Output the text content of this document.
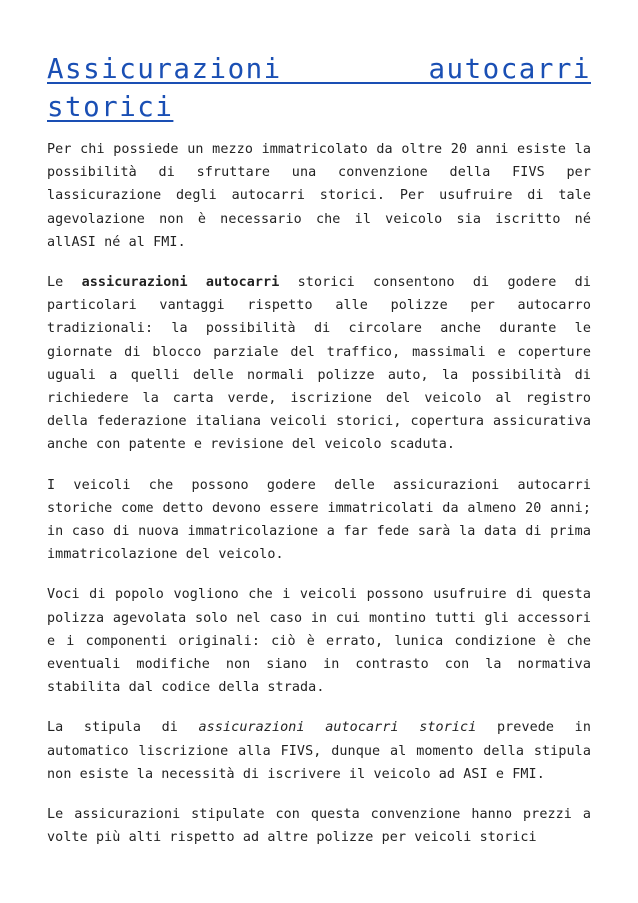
Assicurazioni autocarri
storici

Per chi possiede un mezzo immatricolato da oltre 20 anni esiste la possibilità di sfruttare una convenzione della FIVS per lassicurazione degli autocarri storici. Per usufruire di tale agevolazione non è necessario che il veicolo sia iscritto né allASI né al FMI.

Le assicurazioni autocarri storici consentono di godere di particolari vantaggi rispetto alle polizze per autocarro tradizionali: la possibilità di circolare anche durante le giornate di blocco parziale del traffico, massimali e coperture uguali a quelli delle normali polizze auto, la possibilità di richiedere la carta verde, iscrizione del veicolo al registro della federazione italiana veicoli storici, copertura assicurativa anche con patente e revisione del veicolo scaduta.

I veicoli che possono godere delle assicurazioni autocarri storiche come detto devono essere immatricolati da almeno 20 anni; in caso di nuova immatricolazione a far fede sarà la data di prima immatricolazione del veicolo.

Voci di popolo vogliono che i veicoli possono usufruire di questa polizza agevolata solo nel caso in cui montino tutti gli accessori e i componenti originali: ciò è errato, lunica condizione è che eventuali modifiche non siano in contrasto con la normativa stabilita dal codice della strada.

La stipula di assicurazioni autocarri storici prevede in automatico liscrizione alla FIVS, dunque al momento della stipula non esiste la necessità di iscrivere il veicolo ad ASI e FMI.

Le assicurazioni stipulate con questa convenzione hanno prezzi a volte più alti rispetto ad altre polizze per veicoli storici
